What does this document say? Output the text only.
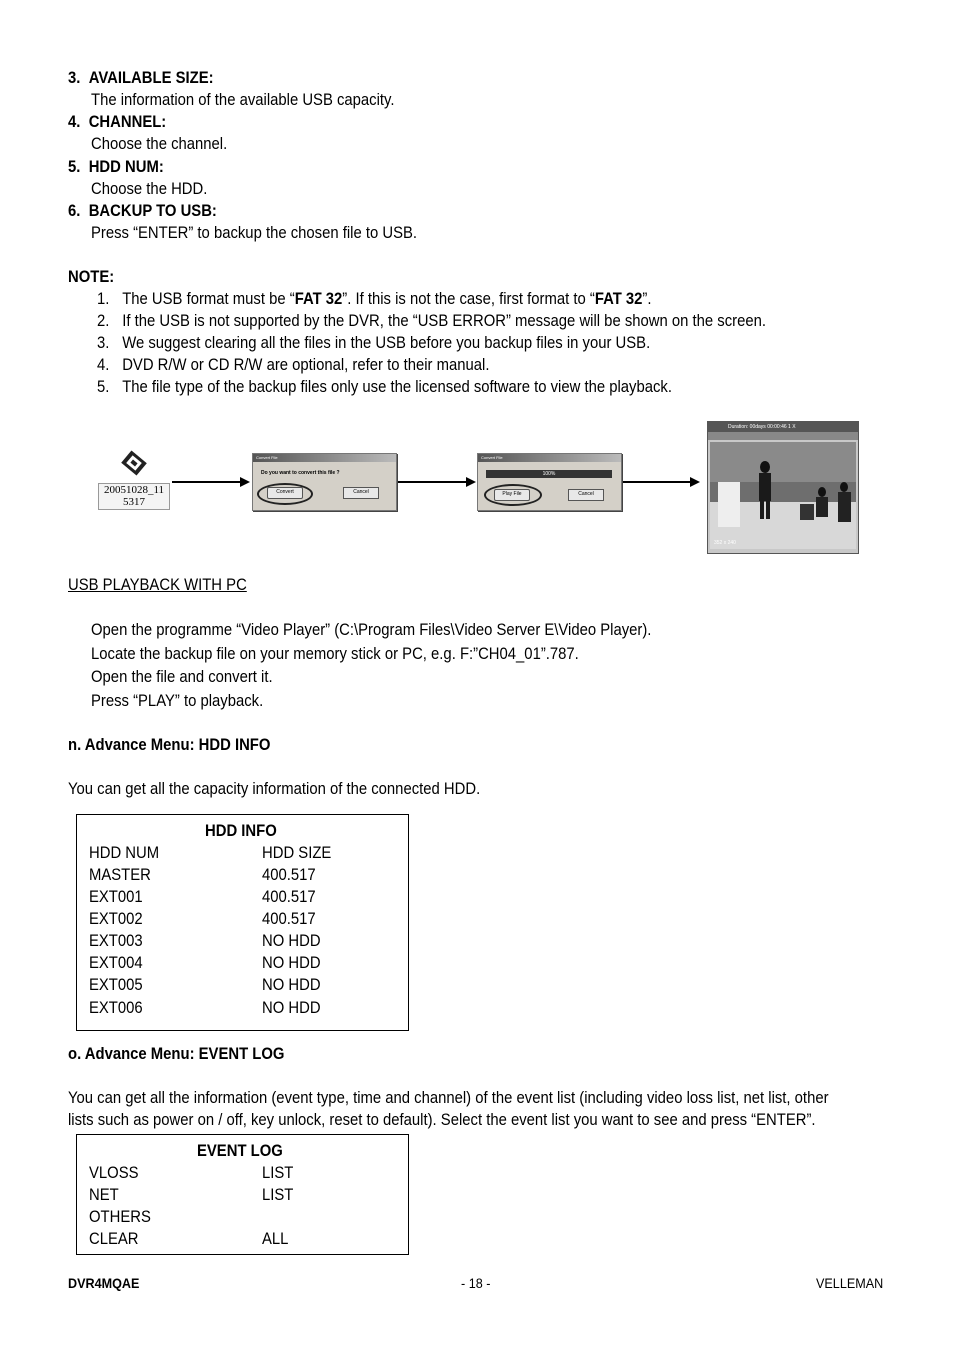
3. AVAILABLE SIZE:
The information of the available USB capacity.
4. CHANNEL:
Choose the channel.
5. HDD NUM:
Choose the HDD.
6. BACKUP TO USB:
Press “ENTER” to backup the chosen file to USB.
NOTE:
1. The USB format must be “FAT 32”. If this is not the case, first format to “FAT 32”.
2. If the USB is not supported by the DVR, the “USB ERROR” message will be shown on the screen.
3. We suggest clearing all the files in the USB before you backup files in your USB.
4. DVD R/W or CD R/W are optional, refer to their manual.
5. The file type of the backup files only use the licensed software to view the playback.
20051028_11
5317
Convert File
Do you want to convert this file ?
Convert	Cancel
Convert File
100%
Play File	Cancel
Duration: 00days 00:00:46 1 X
352 x 240
USB PLAYBACK WITH PC
Open the programme “Video Player” (C:\Program Files\Video Server E\Video Player).
Locate the backup file on your memory stick or PC, e.g. F:”CH04_01”.787.
Open the file and convert it.
Press “PLAY” to playback.
n. Advance Menu: HDD INFO
You can get all the capacity information of the connected HDD.
HDD INFO
HDD NUM	HDD SIZE
MASTER	400.517
EXT001	400.517
EXT002	400.517
EXT003	NO HDD
EXT004	NO HDD
EXT005	NO HDD
EXT006	NO HDD
o. Advance Menu: EVENT LOG
You can get all the information (event type, time and channel) of the event list (including video loss list, net list, other
lists such as power on / off, key unlock, reset to default). Select the event list you want to see and press “ENTER”.
EVENT LOG
VLOSS	LIST
NET	LIST
OTHERS
CLEAR	ALL
DVR4MQAE	- 18 -	VELLEMAN
